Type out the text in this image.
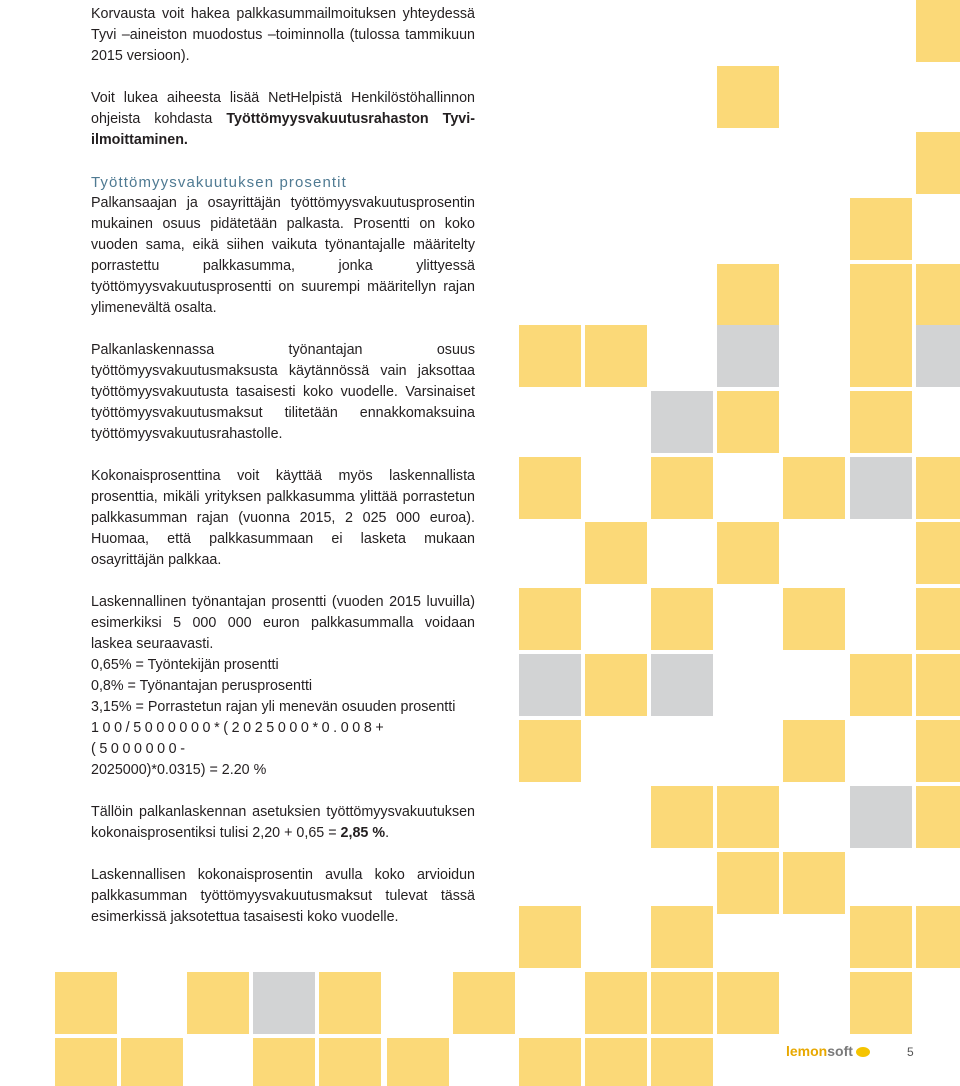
Korvausta voit hakea palkkasummailmoituksen yhteydessä Tyvi –aineiston muodostus –toiminnolla (tulossa tammikuun 2015 versioon).

Voit lukea aiheesta lisää NetHelpistä Henkilöstöhallinnon ohjeista kohdasta Työttömyysvakuutusrahaston Tyvi-ilmoittaminen.

Työttömyysvakuutuksen prosentit

Palkansaajan ja osayrittäjän työttömyysvakuutusprosentin mukainen osuus pidätetään palkasta. Prosentti on koko vuoden sama, eikä siihen vaikuta työnantajalle määritelty porrastettu palkkasumma, jonka ylittyessä työttömyysvakuutusprosentti on suurempi määritellyn rajan ylimenevältä osalta.

Palkanlaskennassa työnantajan osuus työttömyysvakuutusmaksusta käytännössä vain jaksottaa työttömyysvakuutusta tasaisesti koko vuodelle. Varsinaiset työttömyysvakuutusmaksut tilitetään ennakkomaksuina työttömyysvakuutusrahastolle.

Kokonaisprosenttina voit käyttää myös laskennallista prosenttia, mikäli yrityksen palkkasumma ylittää porrastetun palkkasumman rajan (vuonna 2015, 2 025 000 euroa). Huomaa, että palkkasummaan ei lasketa mukaan osayrittäjän palkkaa.

Laskennallinen työnantajan prosentti (vuoden 2015 luvuilla) esimerkiksi 5 000 000 euron palkkasummalla voidaan laskea seuraavasti.

0,65% = Työntekijän prosentti
0,8% = Työnantajan perusprosentti
3,15% = Porrastetun rajan yli menevän osuuden prosentti
100/5000000*(2025000*0.008+(5000000-

2025000)*0.0315) = 2.20 %

Tällöin palkanlaskennan asetuksien työttömyysvakuutuksen kokonaisprosentiksi tulisi 2,20 + 0,65 = 2,85 %.

Laskennallisen kokonaisprosentin avulla koko arvioidun palkkasumman työttömyysvakuutusmaksut tulevat tässä esimerkissä jaksotettua tasaisesti koko vuodelle.

lemonsoft	5
